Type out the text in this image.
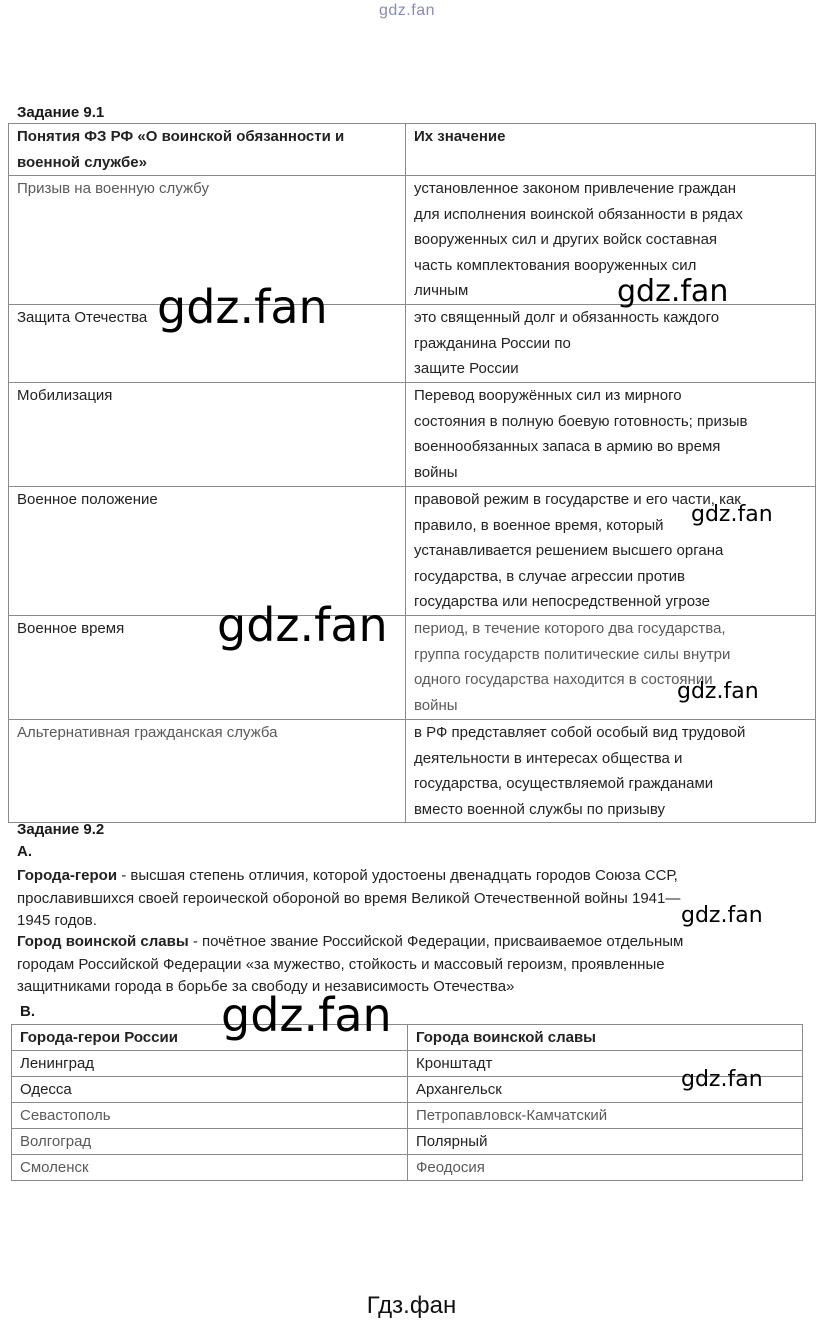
gdz.fan
Задание 9.1
Понятия ФЗ РФ «О воинской обязанности и военной службе»	Их значение
Призыв на военную службу	установленное законом привлечение граждан
для исполнения воинской обязанности в рядах
вооруженных сил и других войск составная
часть комплектования вооруженных сил
личным

Защита Отечества	это священный долг и обязанность каждого
гражданина России по
защите России

Мобилизация	Перевод вооружённых сил из мирного
состояния в полную боевую готовность; призыв
военнообязанных запаса в армию во время
войны

Военное положение	правовой режим в государстве и его части, как
правило, в военное время, который
устанавливается решением высшего органа
государства, в случае агрессии против
государства или непосредственной угрозе

Военное время	период, в течение которого два государства,
группа государств политические силы внутри
одного государства находится в состоянии
войны

Альтернативная гражданская служба	в РФ представляет собой особый вид трудовой
деятельности в интересах общества и
государства, осуществляемой гражданами
вместо военной службы по призыву
Задание 9.2
А.
Города-герои - высшая степень отличия, которой удостоены двенадцать городов Союза ССР,
прославившихся своей героической обороной во время Великой Отечественной войны 1941—
1945 годов.
Город воинской славы - почётное звание Российской Федерации, присваиваемое отдельным
городам Российской Федерации «за мужество, стойкость и массовый героизм, проявленные
защитниками города в борьбе за свободу и независимость Отечества»
В.
Города-герои России	Города воинской славы
Ленинград	Кронштадт
Одесса	Архангельск
Севастополь	Петропавловск-Камчатский
Волгоград	Полярный
Смоленск	Феодосия
gdz.fan	gdz.fan
gdz.fan
gdz.fan
gdz.fan
gdz.fan
gdz.fan
gdz.fan
Гдз.фан
